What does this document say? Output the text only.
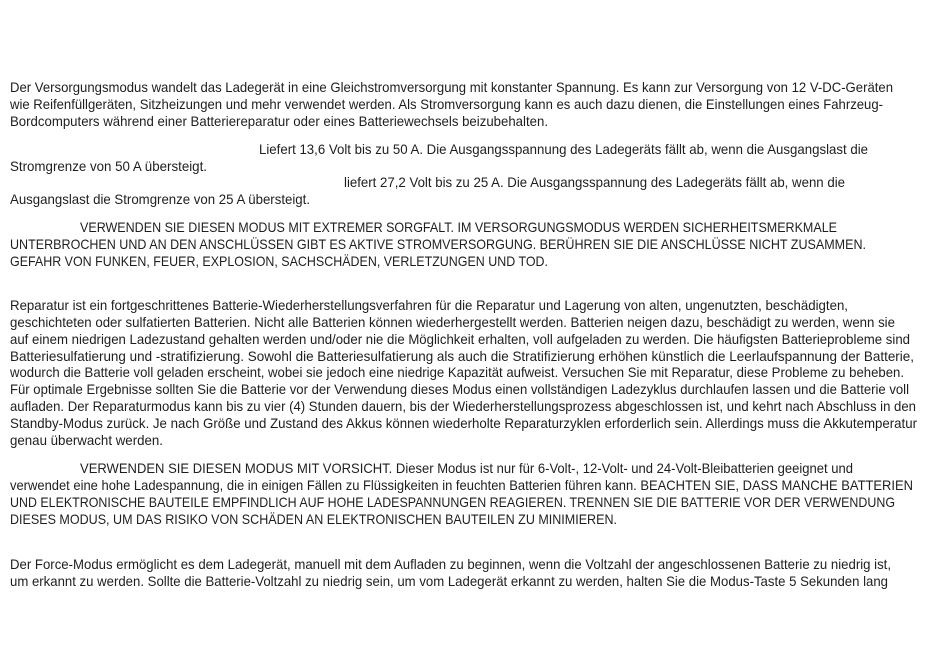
Der Versorgungsmodus wandelt das Ladegerät in eine Gleichstromversorgung mit konstanter Spannung. Es kann zur Versorgung von 12 V-DC-Geräten
wie Reifenfüllgeräten, Sitzheizungen und mehr verwendet werden. Als Stromversorgung kann es auch dazu dienen, die Einstellungen eines Fahrzeug-
Bordcomputers während einer Batteriereparatur oder eines Batteriewechsels beizubehalten.
Liefert 13,6 Volt bis zu 50 A. Die Ausgangsspannung des Ladegeräts fällt ab, wenn die Ausgangslast die
Stromgrenze von 50 A übersteigt.
liefert 27,2 Volt bis zu 25 A. Die Ausgangsspannung des Ladegeräts fällt ab, wenn die
Ausgangslast die Stromgrenze von 25 A übersteigt.
VERWENDEN SIE DIESEN MODUS MIT EXTREMER SORGFALT. IM VERSORGUNGSMODUS WERDEN SICHERHEITSMERKMALE
UNTERBROCHEN UND AN DEN ANSCHLÜSSEN GIBT ES AKTIVE STROMVERSORGUNG. BERÜHREN SIE DIE ANSCHLÜSSE NICHT ZUSAMMEN.
GEFAHR VON FUNKEN, FEUER, EXPLOSION, SACHSCHÄDEN, VERLETZUNGEN UND TOD.
Reparatur ist ein fortgeschrittenes Batterie-Wiederherstellungsverfahren für die Reparatur und Lagerung von alten, ungenutzten, beschädigten,
geschichteten oder sulfatierten Batterien. Nicht alle Batterien können wiederhergestellt werden. Batterien neigen dazu, beschädigt zu werden, wenn sie
auf einem niedrigen Ladezustand gehalten werden und/oder nie die Möglichkeit erhalten, voll aufgeladen zu werden. Die häufigsten Batterieprobleme sind
Batteriesulfatierung und -stratifizierung. Sowohl die Batteriesulfatierung als auch die Stratifizierung erhöhen künstlich die Leerlaufspannung der Batterie,
wodurch die Batterie voll geladen erscheint, wobei sie jedoch eine niedrige Kapazität aufweist. Versuchen Sie mit Reparatur, diese Probleme zu beheben.
Für optimale Ergebnisse sollten Sie die Batterie vor der Verwendung dieses Modus einen vollständigen Ladezyklus durchlaufen lassen und die Batterie voll
aufladen. Der Reparaturmodus kann bis zu vier (4) Stunden dauern, bis der Wiederherstellungsprozess abgeschlossen ist, und kehrt nach Abschluss in den
Standby-Modus zurück. Je nach Größe und Zustand des Akkus können wiederholte Reparaturzyklen erforderlich sein. Allerdings muss die Akkutemperatur
genau überwacht werden.
VERWENDEN SIE DIESEN MODUS MIT VORSICHT. Dieser Modus ist nur für 6-Volt-, 12-Volt- und 24-Volt-Bleibatterien geeignet und
verwendet eine hohe Ladespannung, die in einigen Fällen zu Flüssigkeiten in feuchten Batterien führen kann. BEACHTEN SIE, DASS MANCHE BATTERIEN
UND ELEKTRONISCHE BAUTEILE EMPFINDLICH AUF HOHE LADESPANNUNGEN REAGIEREN. TRENNEN SIE DIE BATTERIE VOR DER VERWENDUNG
DIESES MODUS, UM DAS RISIKO VON SCHÄDEN AN ELEKTRONISCHEN BAUTEILEN ZU MINIMIEREN.
Der Force-Modus ermöglicht es dem Ladegerät, manuell mit dem Aufladen zu beginnen, wenn die Voltzahl der angeschlossenen Batterie zu niedrig ist,
um erkannt zu werden. Sollte die Batterie-Voltzahl zu niedrig sein, um vom Ladegerät erkannt zu werden, halten Sie die Modus-Taste 5 Sekunden lang
